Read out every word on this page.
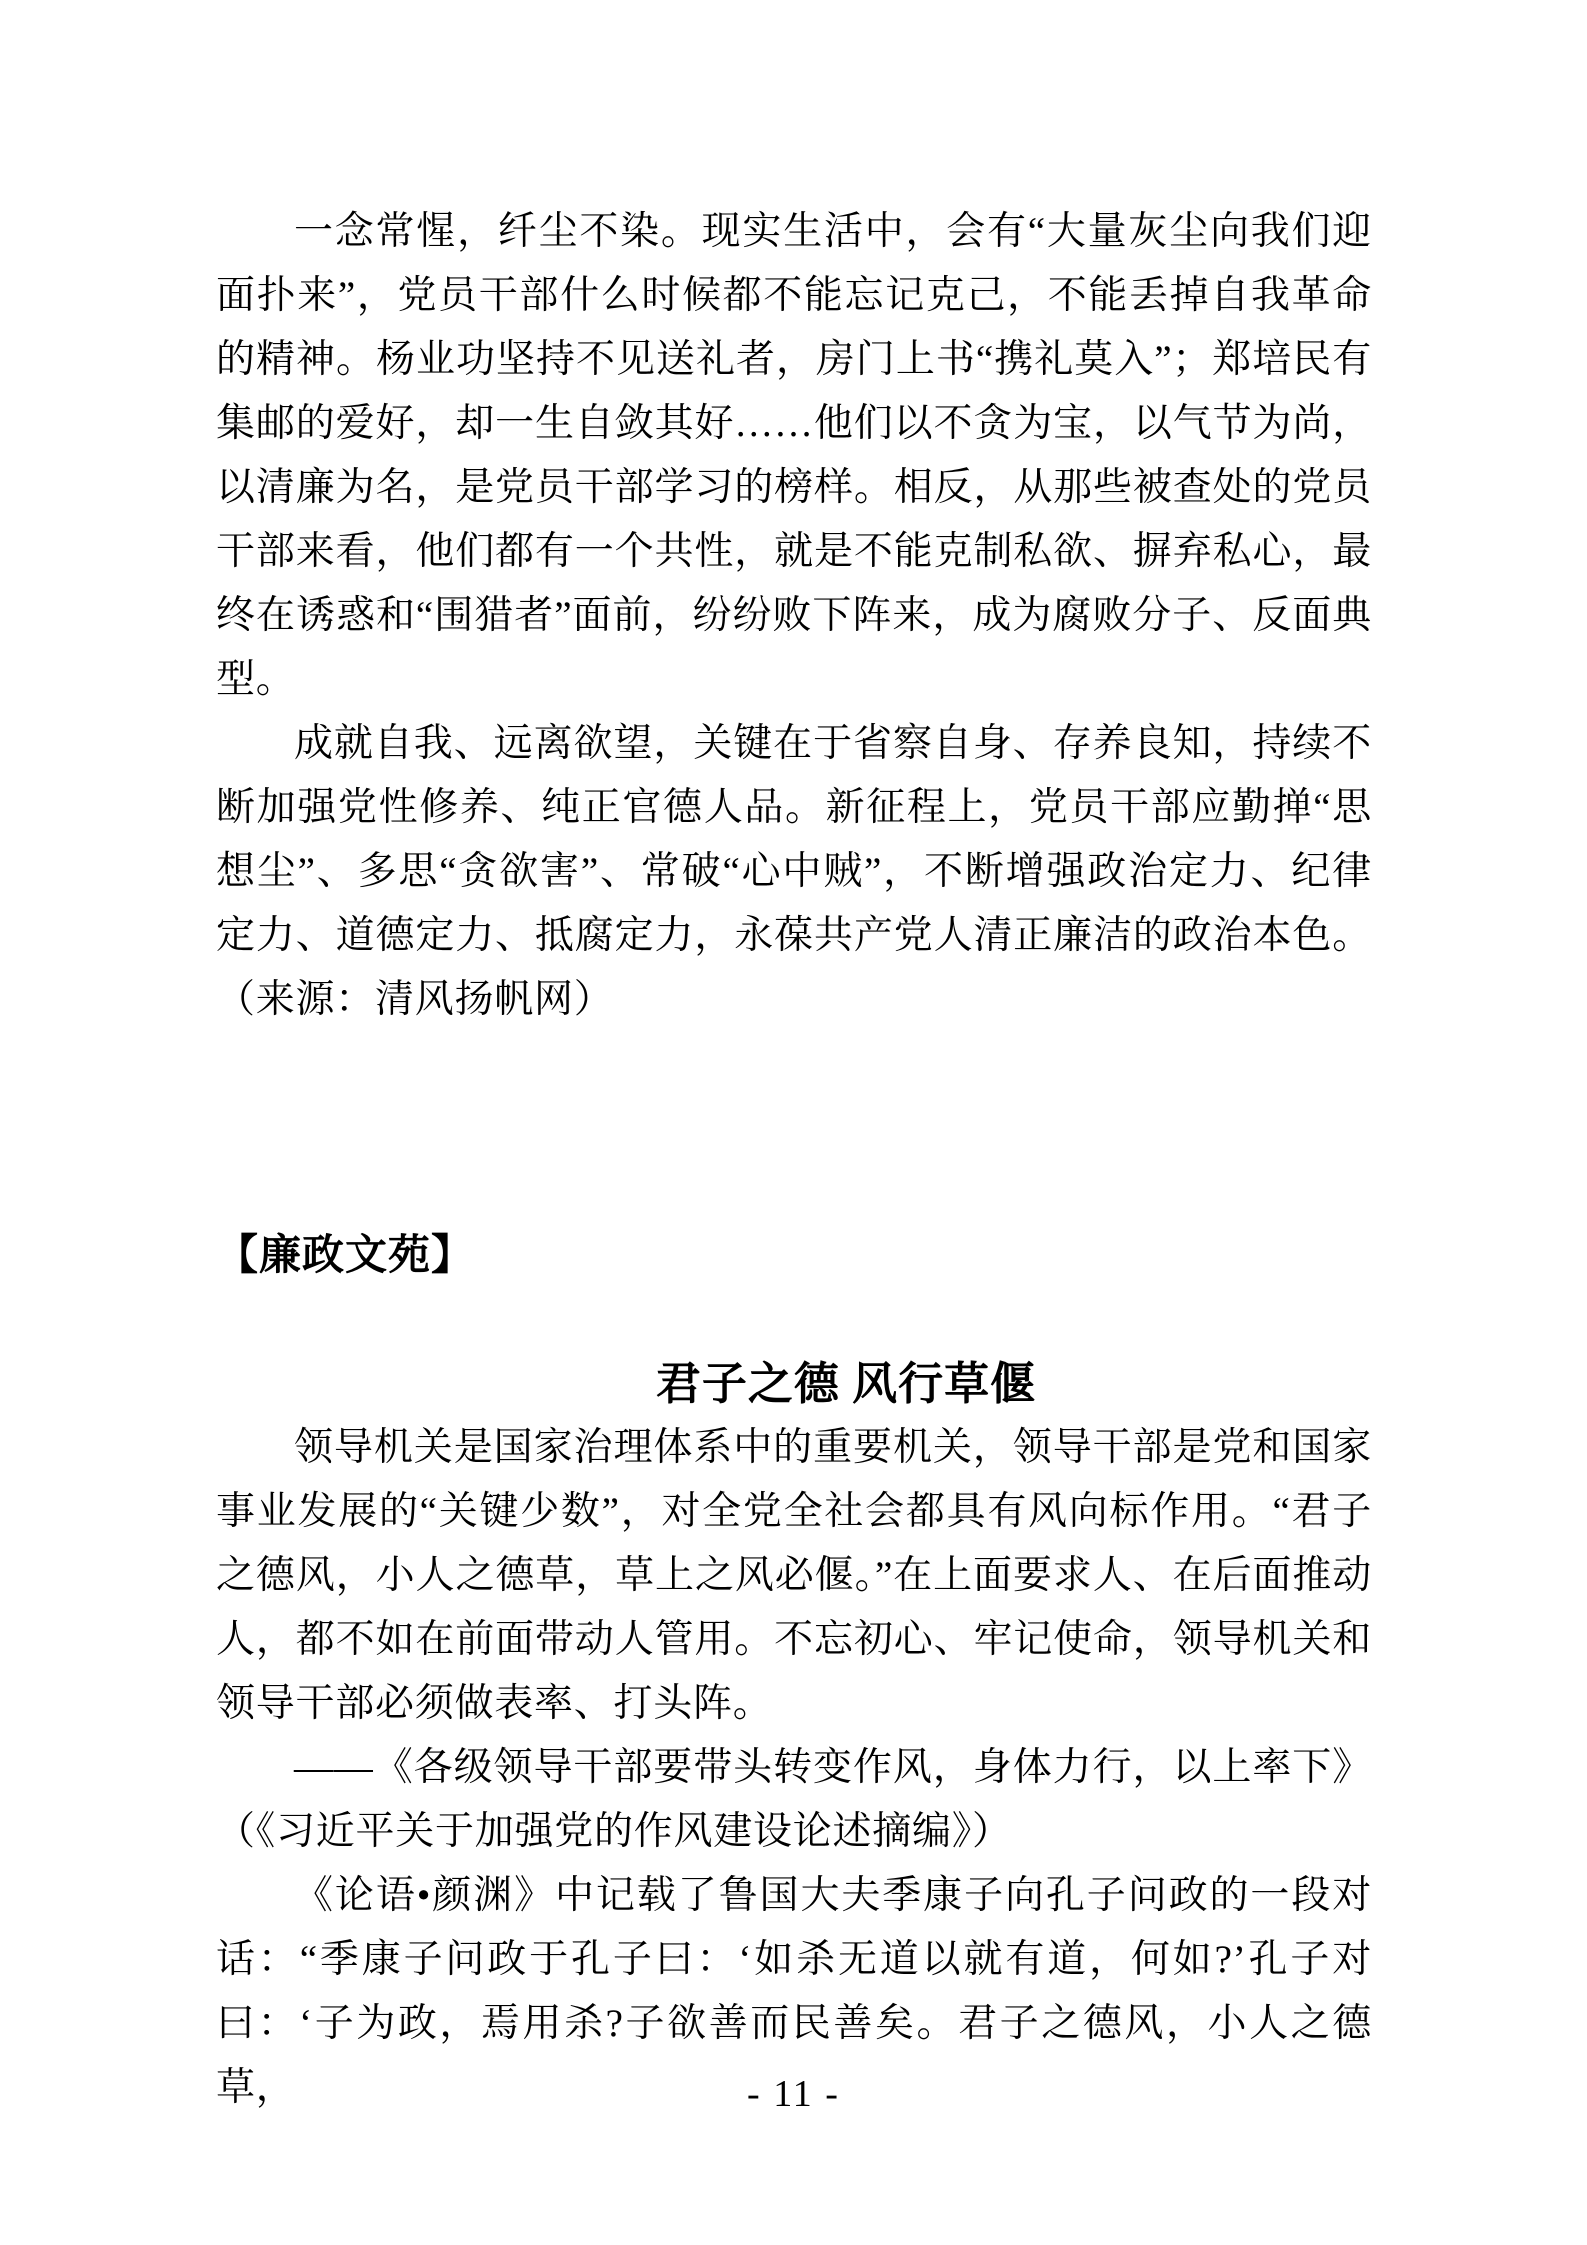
一念常惺，纤尘不染。现实生活中，会有“大量灰尘向我们迎面扑来”，党员干部什么时候都不能忘记克己，不能丢掉自我革命的精神。杨业功坚持不见送礼者，房门上书“携礼莫入”；郑培民有集邮的爱好，却一生自敛其好……他们以不贪为宝，以气节为尚，以清廉为名，是党员干部学习的榜样。相反，从那些被查处的党员干部来看，他们都有一个共性，就是不能克制私欲、摒弃私心，最终在诱惑和“围猎者”面前，纷纷败下阵来，成为腐败分子、反面典型。

成就自我、远离欲望，关键在于省察自身、存养良知，持续不断加强党性修养、纯正官德人品。新征程上，党员干部应勤掸“思想尘”、多思“贪欲害”、常破“心中贼”，不断增强政治定力、纪律定力、道德定力、抵腐定力，永葆共产党人清正廉洁的政治本色。（来源：清风扬帆网）

【廉政文苑】
君子之德 风行草偃

领导机关是国家治理体系中的重要机关，领导干部是党和国家事业发展的“关键少数”，对全党全社会都具有风向标作用。“君子之德风，小人之德草，草上之风必偃。”在上面要求人、在后面推动人，都不如在前面带动人管用。不忘初心、牢记使命，领导机关和领导干部必须做表率、打头阵。

——《各级领导干部要带头转变作风，身体力行，以上率下》（《习近平关于加强党的作风建设论述摘编》）

《论语•颜渊》中记载了鲁国大夫季康子向孔子问政的一段对话：“季康子问政于孔子曰：‘如杀无道以就有道，何如?’孔子对曰：‘子为政，焉用杀?子欲善而民善矣。君子之德风，小人之德草，	- 11 -
